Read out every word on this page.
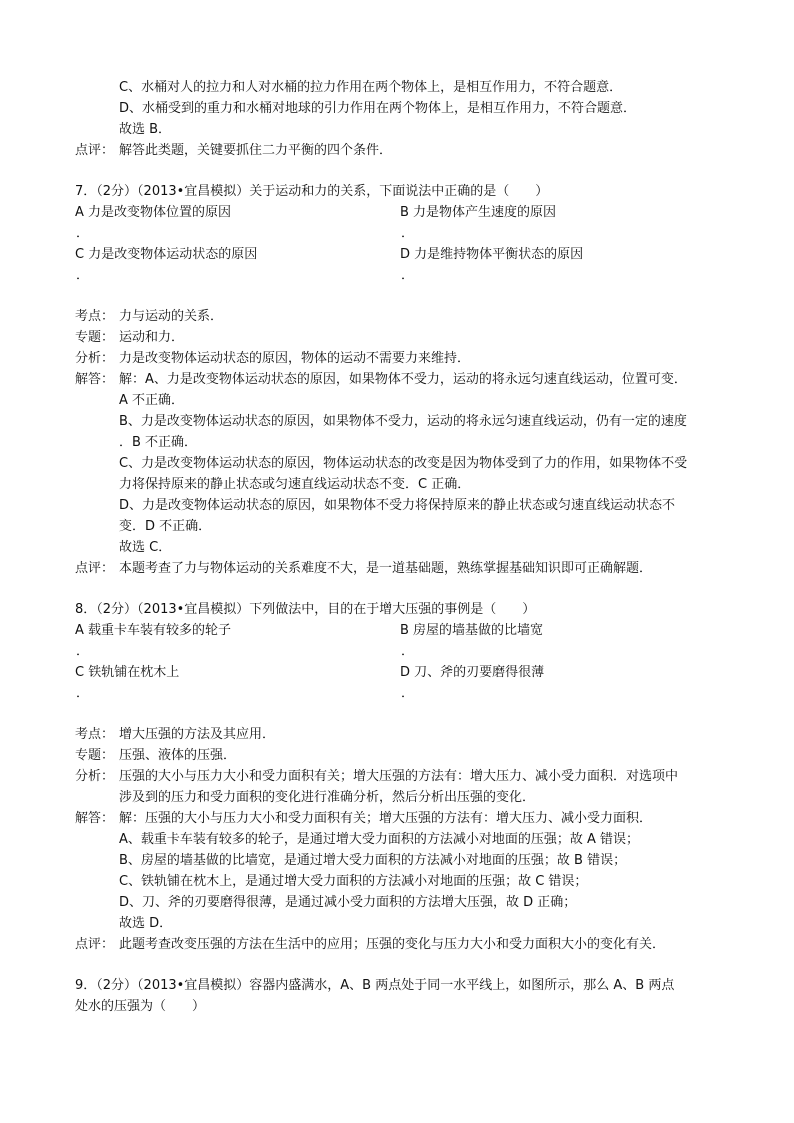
C、水桶对人的拉力和人对水桶的拉力作用在两个物体上，是相互作用力，不符合题意．
D、水桶受到的重力和水桶对地球的引力作用在两个物体上，是相互作用力，不符合题意．
故选 B．
点评： 解答此类题，关键要抓住二力平衡的四个条件．
7．（2分）（2013•宜昌模拟）关于运动和力的关系，下面说法中正确的是（　　）
A 力是改变物体位置的原因	B 力是物体产生速度的原因
．	．
C 力是改变物体运动状态的原因	D 力是维持物体平衡状态的原因
．	．
考点： 力与运动的关系．
专题： 运动和力．
分析： 力是改变物体运动状态的原因，物体的运动不需要力来维持．
解答： 解：A、力是改变物体运动状态的原因，如果物体不受力，运动的将永远匀速直线运动，位置可变．
A 不正确．
B、力是改变物体运动状态的原因，如果物体不受力，运动的将永远匀速直线运动，仍有一定的速度
．B 不正确．
C、力是改变物体运动状态的原因，物体运动状态的改变是因为物体受到了力的作用，如果物体不受
力将保持原来的静止状态或匀速直线运动状态不变．C 正确．
D、力是改变物体运动状态的原因，如果物体不受力将保持原来的静止状态或匀速直线运动状态不
变．D 不正确．
故选 C．
点评： 本题考查了力与物体运动的关系难度不大，是一道基础题，熟练掌握基础知识即可正确解题．
8．（2分）（2013•宜昌模拟）下列做法中，目的在于增大压强的事例是（　　）
A 载重卡车装有较多的轮子	B 房屋的墙基做的比墙宽
．	．
C 铁轨铺在枕木上	D 刀、斧的刃要磨得很薄
．	．
考点： 增大压强的方法及其应用．
专题： 压强、液体的压强．
分析： 压强的大小与压力大小和受力面积有关；增大压强的方法有：增大压力、减小受力面积．对选项中
涉及到的压力和受力面积的变化进行准确分析，然后分析出压强的变化．
解答： 解：压强的大小与压力大小和受力面积有关；增大压强的方法有：增大压力、减小受力面积．
A、载重卡车装有较多的轮子，是通过增大受力面积的方法减小对地面的压强；故 A 错误；
B、房屋的墙基做的比墙宽，是通过增大受力面积的方法减小对地面的压强；故 B 错误；
C、铁轨铺在枕木上，是通过增大受力面积的方法减小对地面的压强；故 C 错误；
D、刀、斧的刃要磨得很薄，是通过减小受力面积的方法增大压强，故 D 正确；
故选 D．
点评： 此题考查改变压强的方法在生活中的应用；压强的变化与压力大小和受力面积大小的变化有关．
9．（2分）（2013•宜昌模拟）容器内盛满水，A、B 两点处于同一水平线上，如图所示，那么 A、B 两点
处水的压强为（　　）
